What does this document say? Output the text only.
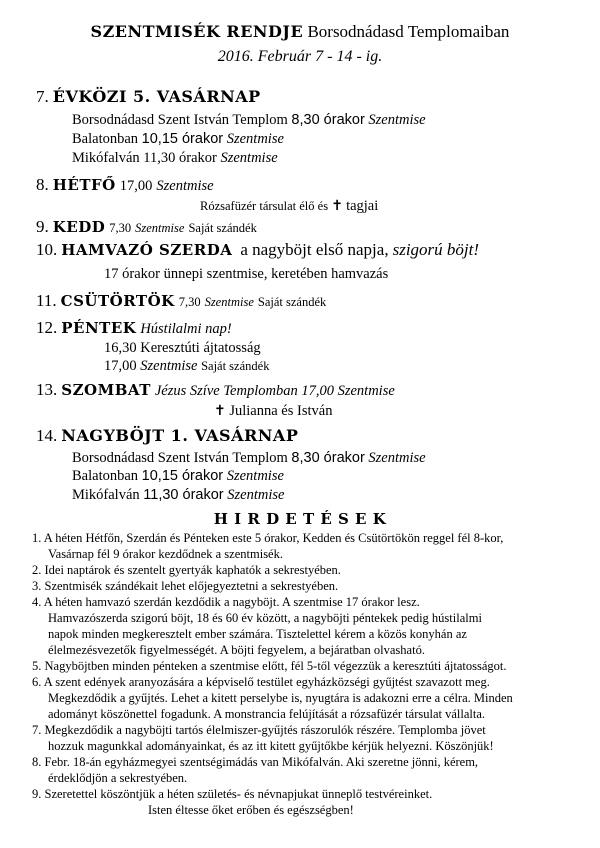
SZENTMISÉK RENDJE Borsodnádasd Templomaiban
2016. Február 7 - 14 - ig.
7. ÉVKÖZI 5. VASÁRNAP
Borsodnádasd Szent István Templom 8,30 órakor Szentmise
Balatonban 10,15 órakor Szentmise
Mikófalván 11,30 órakor Szentmise
8. HÉTFŐ 17,00 Szentmise
Rózsafüzér társulat élő és ✝ tagjai
9. KEDD 7,30 Szentmise Saját szándék
10. HAMVAZÓ SZERDA a nagyböjt első napja, szigorú böjt!
17 órakor ünnepi szentmise, keretében hamvazás
11. CSÜTÖRTÖK 7,30 Szentmise Saját szándék
12. PÉNTEK Hústilalmi nap!
16,30 Keresztúti ájtatosság
17,00 Szentmise Saját szándék
13. SZOMBAT Jézus Szíve Templomban 17,00 Szentmise
✝ Julianna és István
14. NAGYBÖJT 1. VASÁRNAP
Borsodnádasd Szent István Templom 8,30 órakor Szentmise
Balatonban 10,15 órakor Szentmise
Mikófalván 11,30 órakor Szentmise
H I R D E T É S E K
1. A héten Hétfőn, Szerdán és Pénteken este 5 órakor, Kedden és Csütörtökön reggel fél 8-kor,
Vasárnap fél 9 órakor kezdődnek a szentmisék.
2. Idei naptárok és szentelt gyertyák kaphatók a sekrestyében.
3. Szentmisék szándékait lehet előjegyeztetni a sekrestyében.
4. A héten hamvazó szerdán kezdődik a nagyböjt. A szentmise 17 órakor lesz.
Hamvazószerda szigorú böjt, 18 és 60 év között, a nagyböjti péntekek pedig hústilalmi
napok minden megkeresztelt ember számára. Tisztelettel kérem a közös konyhán az
élelmezésvezetők figyelmességét. A böjti fegyelem, a bejáratban olvasható.
5. Nagyböjtben minden pénteken a szentmise előtt, fél 5-től végezzük a keresztúti ájtatosságot.
6. A szent edények aranyozására a képviselő testület egyházközségi gyűjtést szavazott meg.
Megkezdődik a gyűjtés. Lehet a kitett perselybe is, nyugtára is adakozni erre a célra. Minden
adományt köszönettel fogadunk. A monstrancia felújítását a rózsafüzér társulat vállalta.
7. Megkezdődik a nagyböjti tartós élelmiszer-gyűjtés rászorulók részére. Templomba jövet
hozzuk magunkkal adományainkat, és az itt kitett gyűjtőkbe kérjük helyezni. Köszönjük!
8. Febr. 18-án egyházmegyei szentségimádás van Mikófalván. Aki szeretne jönni, kérem,
érdeklődjön a sekrestyében.
9. Szeretettel köszöntjük a héten születés- és névnapjukat ünneplő testvéreinket.
Isten éltesse őket erőben és egészségben!
